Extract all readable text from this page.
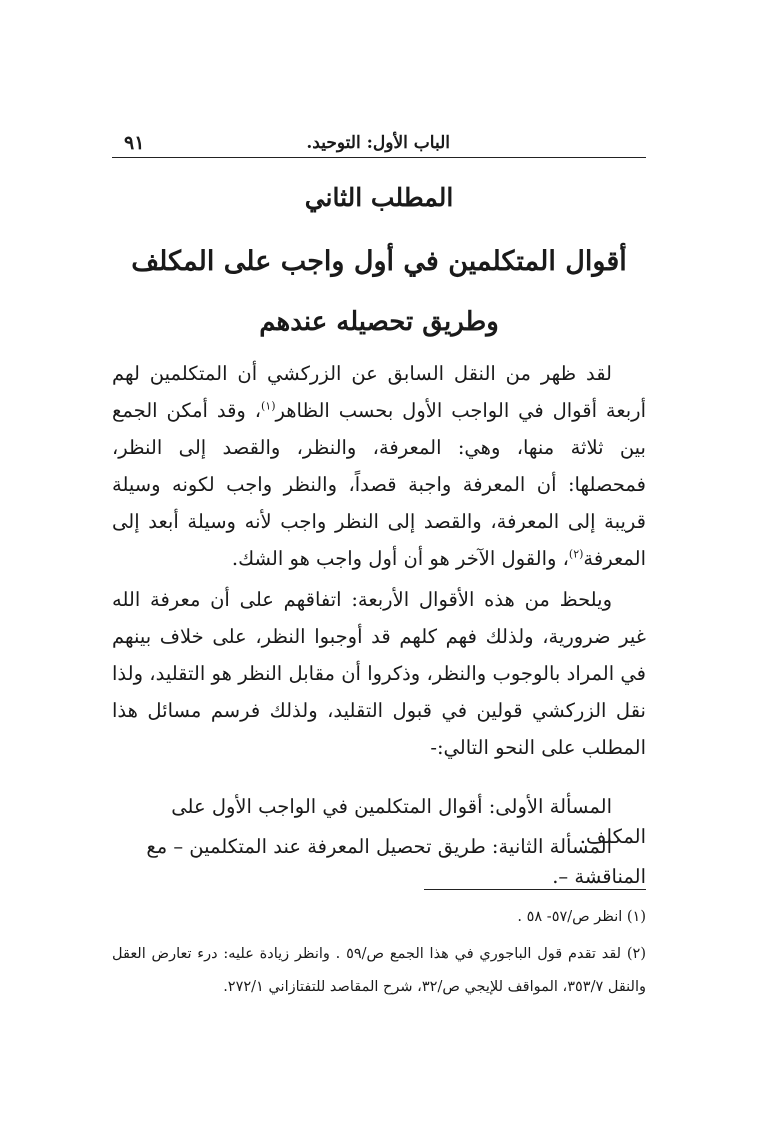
الباب الأول: التوحيد.
٩١
المطلب الثاني
أقوال المتكلمين في أول واجب على المكلف
وطريق تحصيله عندهم

لقد ظهر من النقل السابق عن الزركشي أن المتكلمين لهم أربعة أقوال في الواجب الأول بحسب الظاهر$^{(١)}$، وقد أمكن الجمع بين ثلاثة منها، وهي: المعرفة، والنظر، والقصد إلى النظر، فمحصلها: أن المعرفة واجبة قصداً، والنظر واجب لكونه وسيلة قريبة إلى المعرفة، والقصد إلى النظر واجب لأنه وسيلة أبعد إلى المعرفة$^{(٢)}$، والقول الآخر هو أن أول واجب هو الشك.

ويلحظ من هذه الأقوال الأربعة: اتفاقهم على أن معرفة الله غير ضرورية، ولذلك فهم كلهم قد أوجبوا النظر، على خلاف بينهم في المراد بالوجوب والنظر، وذكروا أن مقابل النظر هو التقليد، ولذا نقل الزركشي قولين في قبول التقليد، ولذلك فرسم مسائل هذا المطلب على النحو التالي:-

المسألة الأولى: أقوال المتكلمين في الواجب الأول على المكلف.
المسألة الثانية: طريق تحصيل المعرفة عند المتكلمين – مع المناقشة –.

(١) انظر ص/٥٧- ٥٨ .

(٢) لقد تقدم قول الباجوري في هذا الجمع ص/٥٩ . وانظر زيادة عليه: درء تعارض العقل والنقل ٣٥٣/٧، المواقف للإيجي ص/٣٢، شرح المقاصد للتفتازاني ٢٧٢/١.
